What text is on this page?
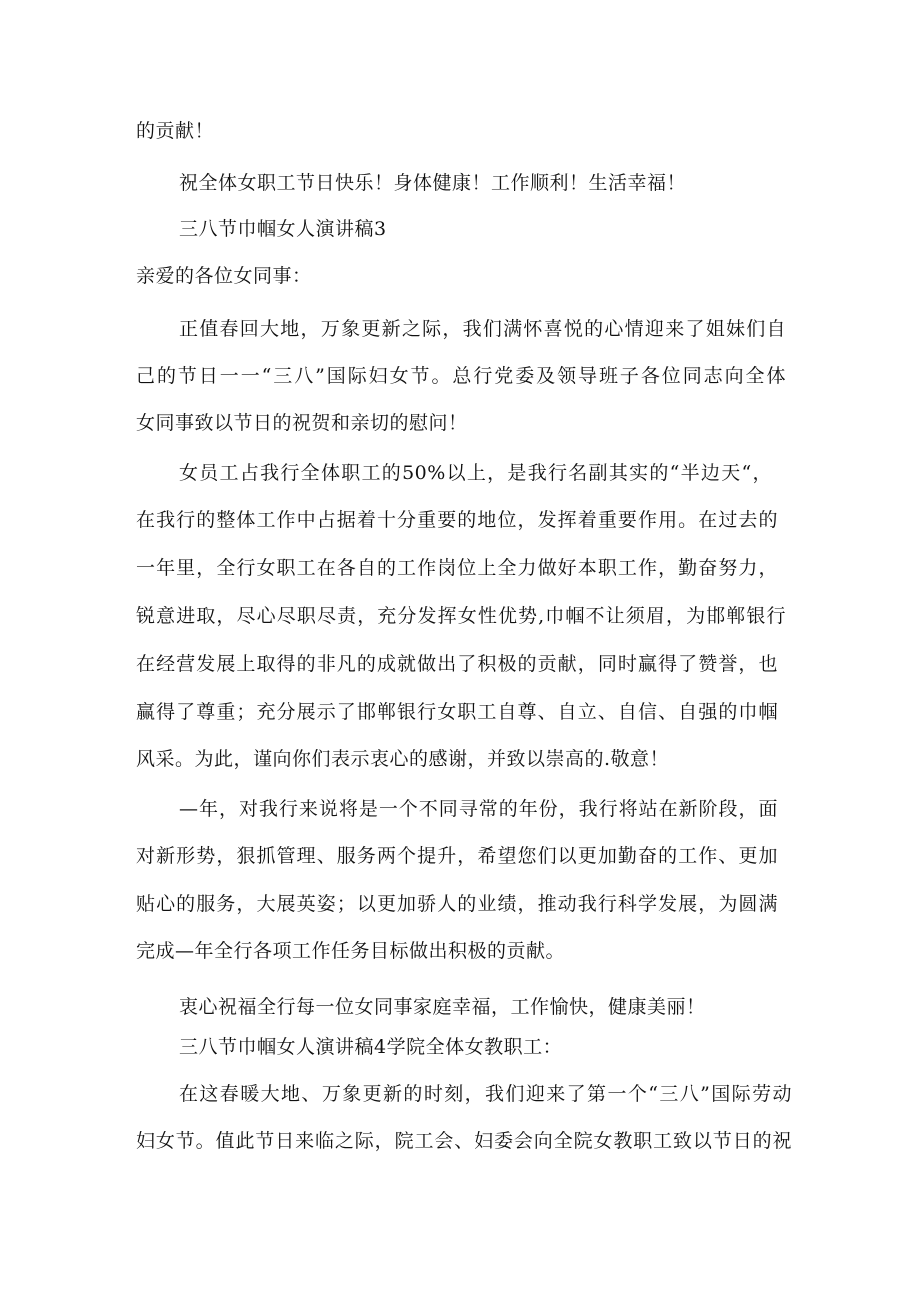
的贡献！
祝全体女职工节日快乐！身体健康！工作顺利！生活幸福！
三八节巾帼女人演讲稿3
亲爱的各位女同事：
正值春回大地，万象更新之际，我们满怀喜悦的心情迎来了姐妹们自
己的节日一一“三八”国际妇女节。总行党委及领导班子各位同志向全体
女同事致以节日的祝贺和亲切的慰问！
女员工占我行全体职工的50%以上，是我行名副其实的“半边天“，
在我行的整体工作中占据着十分重要的地位，发挥着重要作用。在过去的
一年里，全行女职工在各自的工作岗位上全力做好本职工作，勤奋努力，
锐意进取，尽心尽职尽责，充分发挥女性优势,巾帼不让须眉，为邯郸银行
在经营发展上取得的非凡的成就做出了积极的贡献，同时赢得了赞誉，也
赢得了尊重；充分展示了邯郸银行女职工自尊、自立、自信、自强的巾帼
风采。为此，谨向你们表示衷心的感谢，并致以崇高的.敬意！
—年，对我行来说将是一个不同寻常的年份，我行将站在新阶段，面
对新形势，狠抓管理、服务两个提升，希望您们以更加勤奋的工作、更加
贴心的服务，大展英姿；以更加骄人的业绩，推动我行科学发展，为圆满
完成—年全行各项工作任务目标做出积极的贡献。
衷心祝福全行每一位女同事家庭幸福，工作愉快，健康美丽！
三八节巾帼女人演讲稿4学院全体女教职工：
在这春暖大地、万象更新的时刻，我们迎来了第一个“三八”国际劳动
妇女节。值此节日来临之际，院工会、妇委会向全院女教职工致以节日的祝
